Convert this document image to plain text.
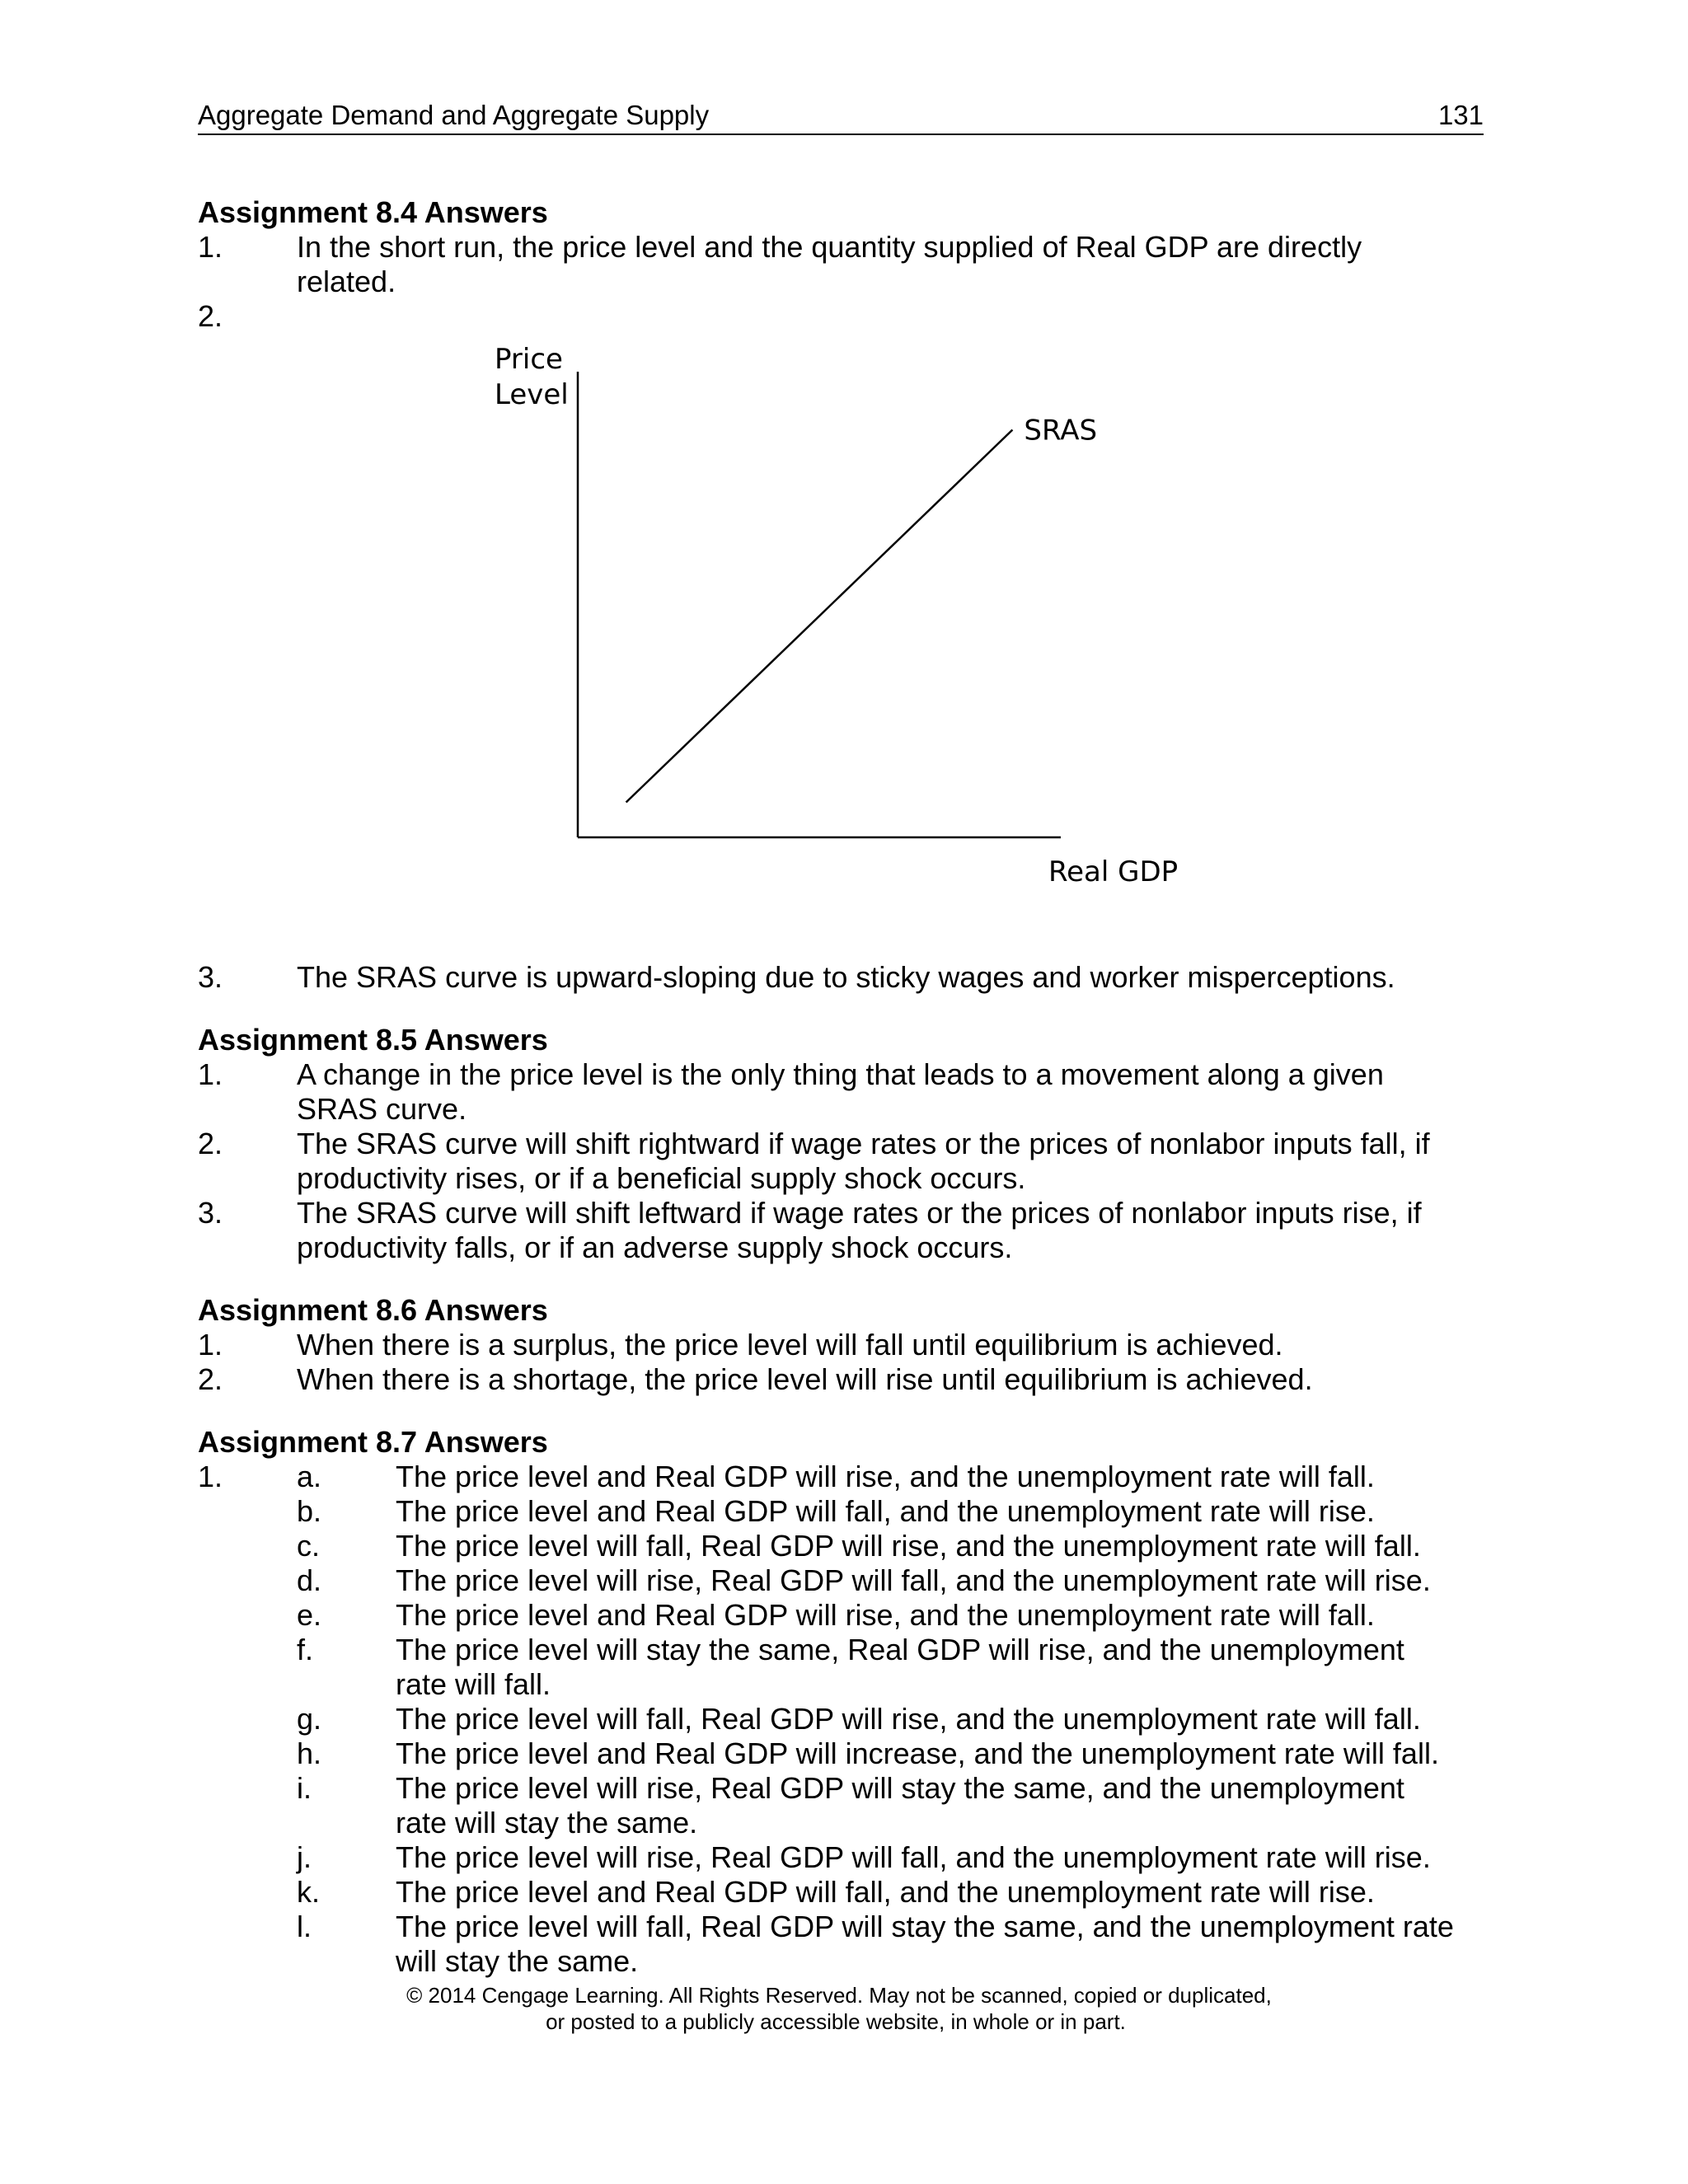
Aggregate Demand and Aggregate Supply	131
Assignment 8.4 Answers
1.	In the short run, the price level and the quantity supplied of Real GDP are directly related.
2.
Price
Level
Real GDP
SRAS
3.	The SRAS curve is upward-sloping due to sticky wages and worker misperceptions.
Assignment 8.5 Answers
1.	A change in the price level is the only thing that leads to a movement along a given SRAS curve.
2.	The SRAS curve will shift rightward if wage rates or the prices of nonlabor inputs fall, if productivity rises, or if a beneficial supply shock occurs.
3.	The SRAS curve will shift leftward if wage rates or the prices of nonlabor inputs rise, if productivity falls, or if an adverse supply shock occurs.
Assignment 8.6 Answers
1.	When there is a surplus, the price level will fall until equilibrium is achieved.
2.	When there is a shortage, the price level will rise until equilibrium is achieved.
Assignment 8.7 Answers
1.	a.	The price level and Real GDP will rise, and the unemployment rate will fall.
b.	The price level and Real GDP will fall, and the unemployment rate will rise.
c.	The price level will fall, Real GDP will rise, and the unemployment rate will fall.
d.	The price level will rise, Real GDP will fall, and the unemployment rate will rise.
e.	The price level and Real GDP will rise, and the unemployment rate will fall.
f.	The price level will stay the same, Real GDP will rise, and the unemployment rate will fall.
g.	The price level will fall, Real GDP will rise, and the unemployment rate will fall.
h.	The price level and Real GDP will increase, and the unemployment rate will fall.
i.	The price level will rise, Real GDP will stay the same, and the unemployment rate will stay the same.
j.	The price level will rise, Real GDP will fall, and the unemployment rate will rise.
k.	The price level and Real GDP will fall, and the unemployment rate will rise.
l.	The price level will fall, Real GDP will stay the same, and the unemployment rate will stay the same.
© 2014 Cengage Learning. All Rights Reserved. May not be scanned, copied or duplicated,
or posted to a publicly accessible website, in whole or in part.
